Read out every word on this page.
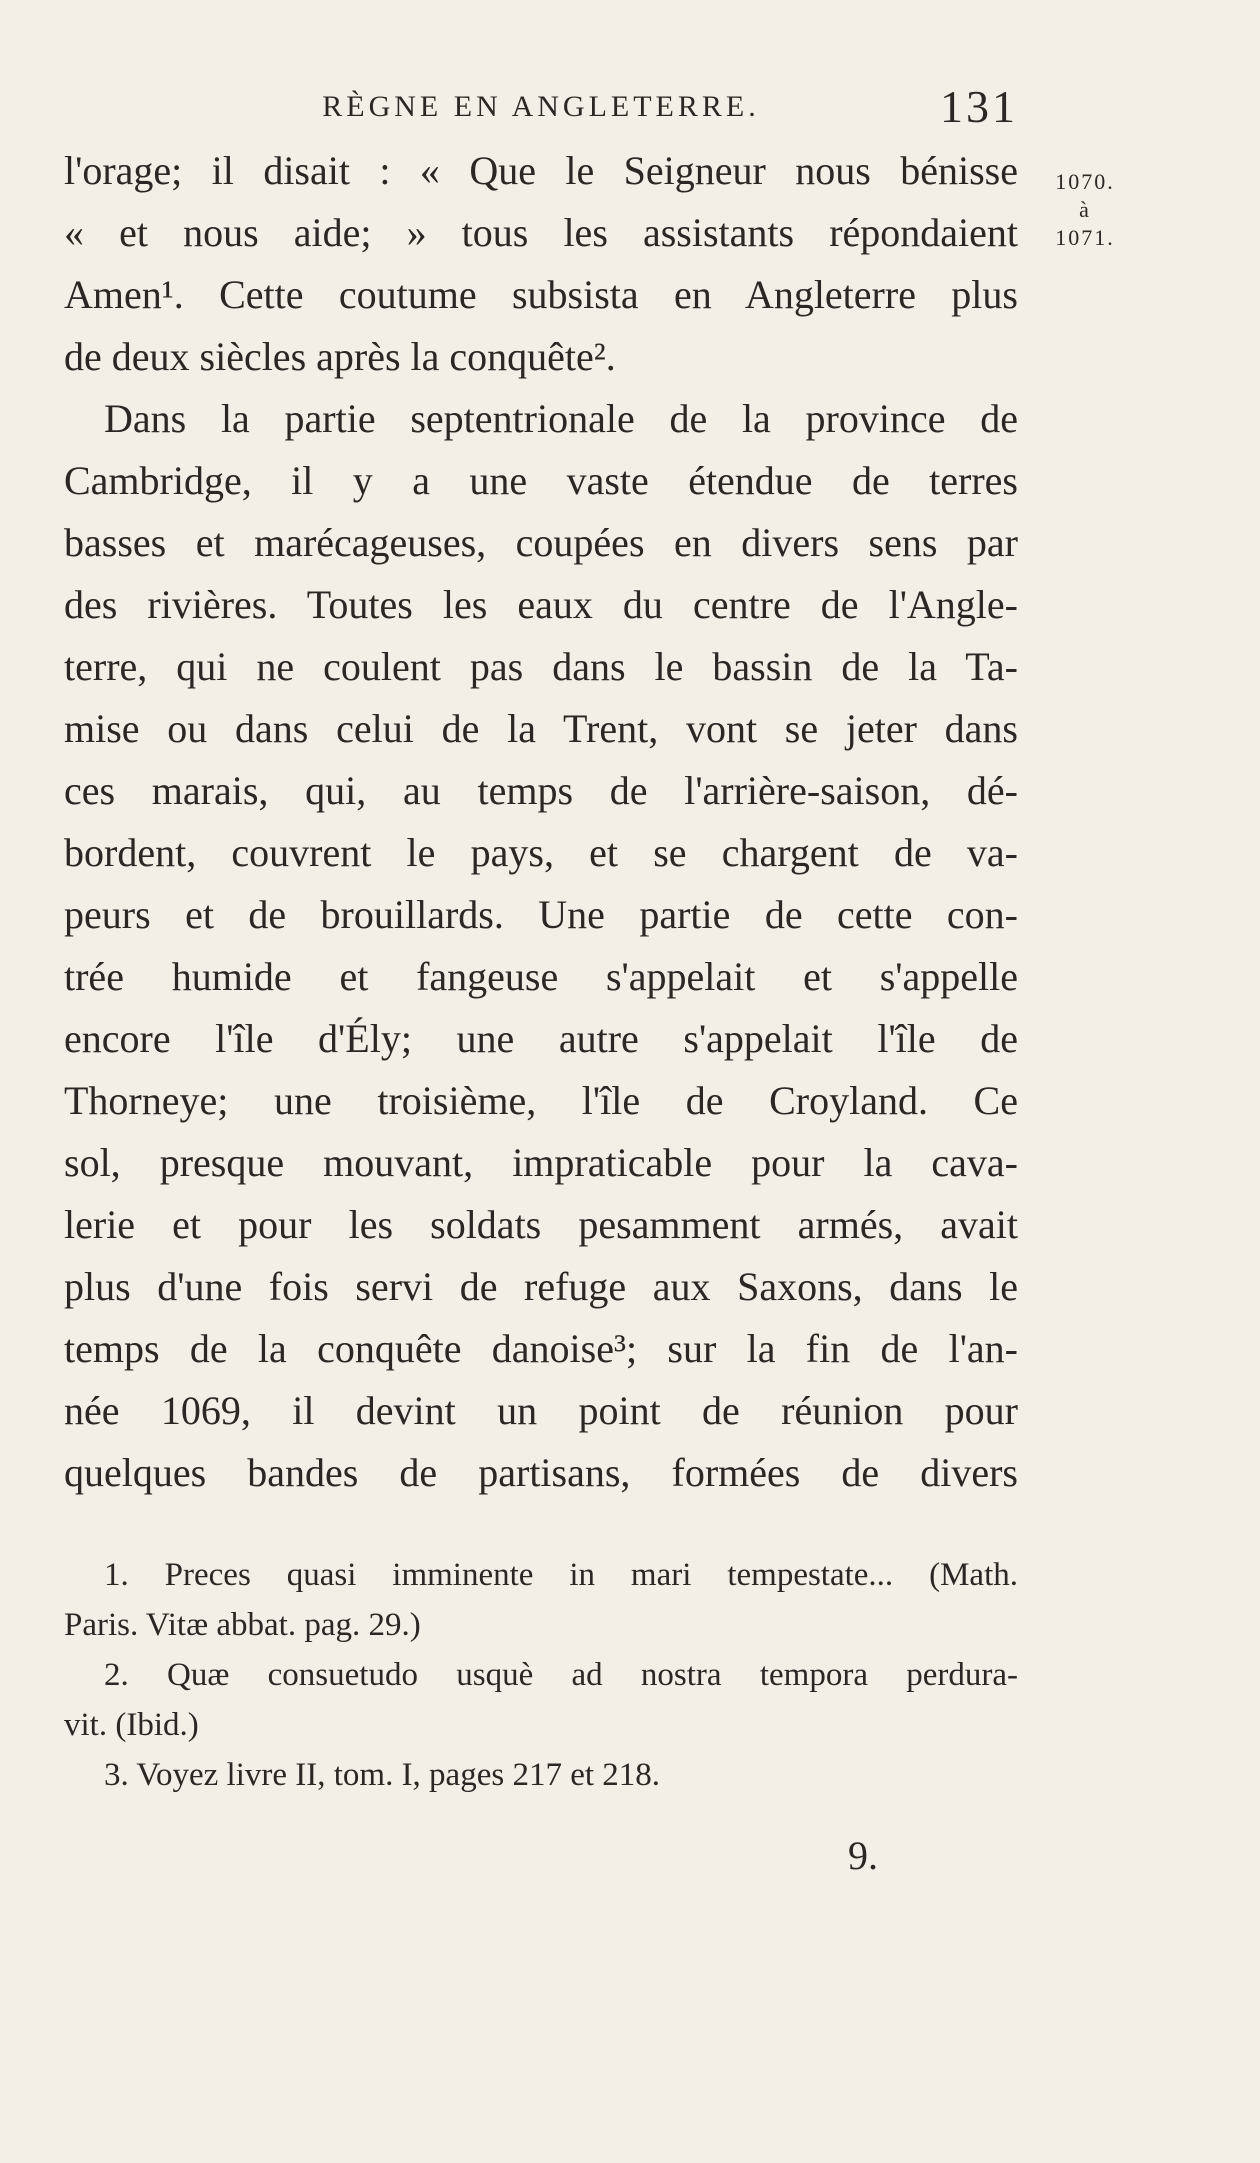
RÈGNE EN ANGLETERRE.	131
1070.
à
1071.
l'orage; il disait : « Que le Seigneur nous bénisse
« et nous aide; » tous les assistants répondaient
Amen¹. Cette coutume subsista en Angleterre plus
de deux siècles après la conquête².
Dans la partie septentrionale de la province de
Cambridge, il y a une vaste étendue de terres
basses et marécageuses, coupées en divers sens par
des rivières. Toutes les eaux du centre de l'Angle-
terre, qui ne coulent pas dans le bassin de la Ta-
mise ou dans celui de la Trent, vont se jeter dans
ces marais, qui, au temps de l'arrière-saison, dé-
bordent, couvrent le pays, et se chargent de va-
peurs et de brouillards. Une partie de cette con-
trée humide et fangeuse s'appelait et s'appelle
encore l'île d'Ély; une autre s'appelait l'île de
Thorneye; une troisième, l'île de Croyland. Ce
sol, presque mouvant, impraticable pour la cava-
lerie et pour les soldats pesamment armés, avait
plus d'une fois servi de refuge aux Saxons, dans le
temps de la conquête danoise³; sur la fin de l'an-
née 1069, il devint un point de réunion pour
quelques bandes de partisans, formées de divers
1. Preces quasi imminente in mari tempestate... (Math.
Paris. Vitæ abbat. pag. 29.)
2. Quæ consuetudo usquè ad nostra tempora perdura-
vit. (Ibid.)
3. Voyez livre II, tom. I, pages 217 et 218.
9.
